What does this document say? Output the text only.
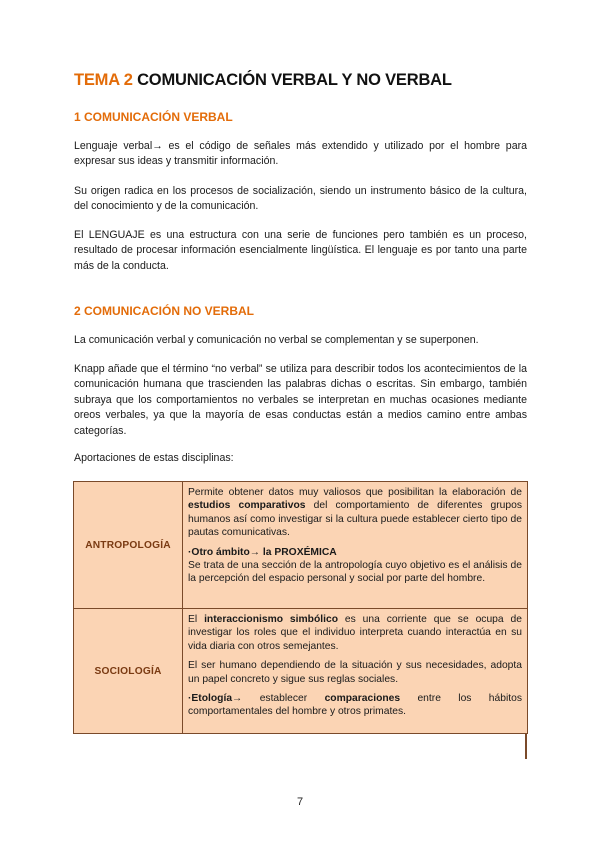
TEMA 2 COMUNICACIÓN VERBAL Y NO VERBAL
1 COMUNICACIÓN VERBAL

Lenguaje verbal→ es el código de señales más extendido y utilizado por el hombre para expresar sus ideas y transmitir información.

Su origen radica en los procesos de socialización, siendo un instrumento básico de la cultura, del conocimiento y de la comunicación.

El LENGUAJE es una estructura con una serie de funciones pero también es un proceso, resultado de procesar información esencialmente lingüística. El lenguaje es por tanto una parte más de la conducta.

2 COMUNICACIÓN NO VERBAL

La comunicación verbal y comunicación no verbal se complementan y se superponen.

Knapp añade que el término “no verbal” se utiliza para describir todos los acontecimientos de la comunicación humana que trascienden las palabras dichas o escritas. Sin embargo, también subraya que los comportamientos no verbales se interpretan en muchas ocasiones mediante oreos verbales, ya que la mayoría de esas conductas están a medios camino entre ambas categorías.

Aportaciones de estas disciplinas:

ANTROPOLOGÍA	Permite obtener datos muy valiosos que posibilitan la elaboración de estudios comparativos del comportamiento de diferentes grupos humanos así como investigar si la cultura puede establecer cierto tipo de pautas comunicativas.

·Otro ámbito→ la PROXÉMICA
Se trata de una sección de la antropología cuyo objetivo es el análisis de la percepción del espacio personal y social por parte del hombre.

SOCIOLOGÍA	El interaccionismo simbólico es una corriente que se ocupa de investigar los roles que el individuo interpreta cuando interactúa en su vida diaria con otros semejantes.

El ser humano dependiendo de la situación y sus necesidades, adopta un papel concreto y sigue sus reglas sociales.

·Etología→ establecer comparaciones entre los hábitos comportamentales del hombre y otros primates.

7
